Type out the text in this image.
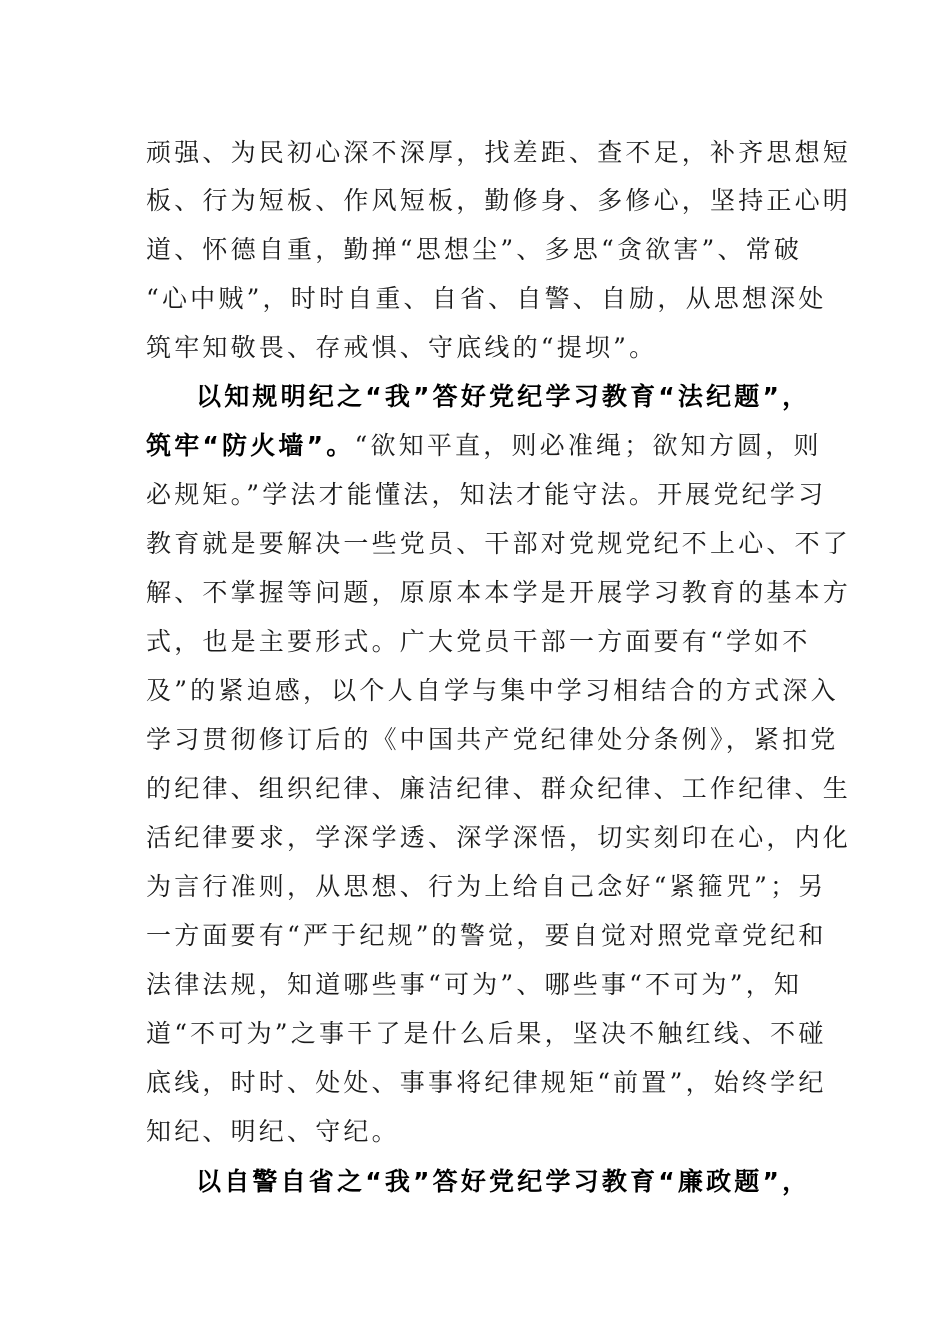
顽强、为民初心深不深厚，找差距、查不足，补齐思想短
板、行为短板、作风短板，勤修身、多修心，坚持正心明
道、怀德自重，勤掸“思想尘”、多思“贪欲害”、常破
“心中贼”，时时自重、自省、自警、自励，从思想深处
筑牢知敬畏、存戒惧、守底线的“提坝”。
以知规明纪之“我”答好党纪学习教育“法纪题”，
筑牢“防火墙”。“欲知平直，则必准绳；欲知方圆，则
必规矩。”学法才能懂法，知法才能守法。开展党纪学习
教育就是要解决一些党员、干部对党规党纪不上心、不了
解、不掌握等问题，原原本本学是开展学习教育的基本方
式，也是主要形式。广大党员干部一方面要有“学如不
及”的紧迫感，以个人自学与集中学习相结合的方式深入
学习贯彻修订后的《中国共产党纪律处分条例》，紧扣党
的纪律、组织纪律、廉洁纪律、群众纪律、工作纪律、生
活纪律要求，学深学透、深学深悟，切实刻印在心，内化
为言行准则，从思想、行为上给自己念好“紧箍咒”；另
一方面要有“严于纪规”的警觉，要自觉对照党章党纪和
法律法规，知道哪些事“可为”、哪些事“不可为”，知
道“不可为”之事干了是什么后果，坚决不触红线、不碰
底线，时时、处处、事事将纪律规矩“前置”，始终学纪
知纪、明纪、守纪。
以自警自省之“我”答好党纪学习教育“廉政题”，
